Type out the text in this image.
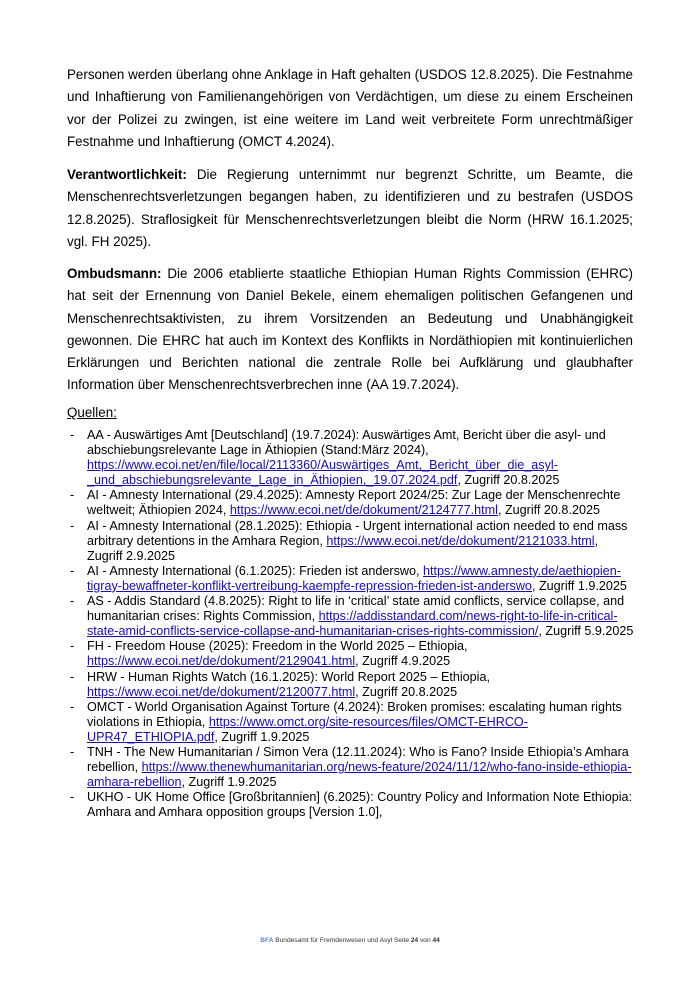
Personen werden überlang ohne Anklage in Haft gehalten (USDOS 12.8.2025). Die Festnahme und Inhaftierung von Familienangehörigen von Verdächtigen, um diese zu einem Erscheinen vor der Polizei zu zwingen, ist eine weitere im Land weit verbreitete Form unrechtmäßiger Festnahme und Inhaftierung (OMCT 4.2024).

Verantwortlichkeit: Die Regierung unternimmt nur begrenzt Schritte, um Beamte, die Menschenrechtsverletzungen begangen haben, zu identifizieren und zu bestrafen (USDOS 12.8.2025). Straflosigkeit für Menschenrechtsverletzungen bleibt die Norm (HRW 16.1.2025; vgl. FH 2025).

Ombudsmann: Die 2006 etablierte staatliche Ethiopian Human Rights Commission (EHRC) hat seit der Ernennung von Daniel Bekele, einem ehemaligen politischen Gefangenen und Menschenrechtsaktivisten, zu ihrem Vorsitzenden an Bedeutung und Unabhängigkeit gewonnen. Die EHRC hat auch im Kontext des Konflikts in Nordäthiopien mit kontinuierlichen Erklärungen und Berichten national die zentrale Rolle bei Aufklärung und glaubhafter Information über Menschenrechtsverbrechen inne (AA 19.7.2024).

Quellen:

- AA - Auswärtiges Amt [Deutschland] (19.7.2024): Auswärtiges Amt, Bericht über die asyl- und abschiebungsrelevante Lage in Äthiopien (Stand:März 2024), https://www.ecoi.net/en/file/local/2113360/Auswärtiges_Amt,_Bericht_über_die_asyl-_und_abschiebungsrelevante_Lage_in_Äthiopien,_19.07.2024.pdf, Zugriff 20.8.2025
- AI - Amnesty International (29.4.2025): Amnesty Report 2024/25: Zur Lage der Menschenrechte weltweit; Äthiopien 2024, https://www.ecoi.net/de/dokument/2124777.html, Zugriff 20.8.2025
- AI - Amnesty International (28.1.2025): Ethiopia - Urgent international action needed to end mass arbitrary detentions in the Amhara Region, https://www.ecoi.net/de/dokument/2121033.html, Zugriff 2.9.2025
- AI - Amnesty International (6.1.2025): Frieden ist anderswo, https://www.amnesty.de/aethiopien-tigray-bewaffneter-konflikt-vertreibung-kaempfe-repression-frieden-ist-anderswo, Zugriff 1.9.2025
- AS - Addis Standard (4.8.2025): Right to life in ‘critical’ state amid conflicts, service collapse, and humanitarian crises: Rights Commission, https://addisstandard.com/news-right-to-life-in-critical-state-amid-conflicts-service-collapse-and-humanitarian-crises-rights-commission/, Zugriff 5.9.2025
- FH - Freedom House (2025): Freedom in the World 2025 – Ethiopia, https://www.ecoi.net/de/dokument/2129041.html, Zugriff 4.9.2025
- HRW - Human Rights Watch (16.1.2025): World Report 2025 – Ethiopia, https://www.ecoi.net/de/dokument/2120077.html, Zugriff 20.8.2025
- OMCT - World Organisation Against Torture (4.2024): Broken promises: escalating human rights violations in Ethiopia, https://www.omct.org/site-resources/files/OMCT-EHRCO-UPR47_ETHIOPIA.pdf, Zugriff 1.9.2025
- TNH - The New Humanitarian / Simon Vera (12.11.2024): Who is Fano? Inside Ethiopia’s Amhara rebellion, https://www.thenewhumanitarian.org/news-feature/2024/11/12/who-fano-inside-ethiopia-amhara-rebellion, Zugriff 1.9.2025
- UKHO - UK Home Office [Großbritannien] (6.2025): Country Policy and Information Note Ethiopia: Amhara and Amhara opposition groups [Version 1.0],
BFA Bundesamt für Fremdenwesen und Asyl Seite 24 von 44
